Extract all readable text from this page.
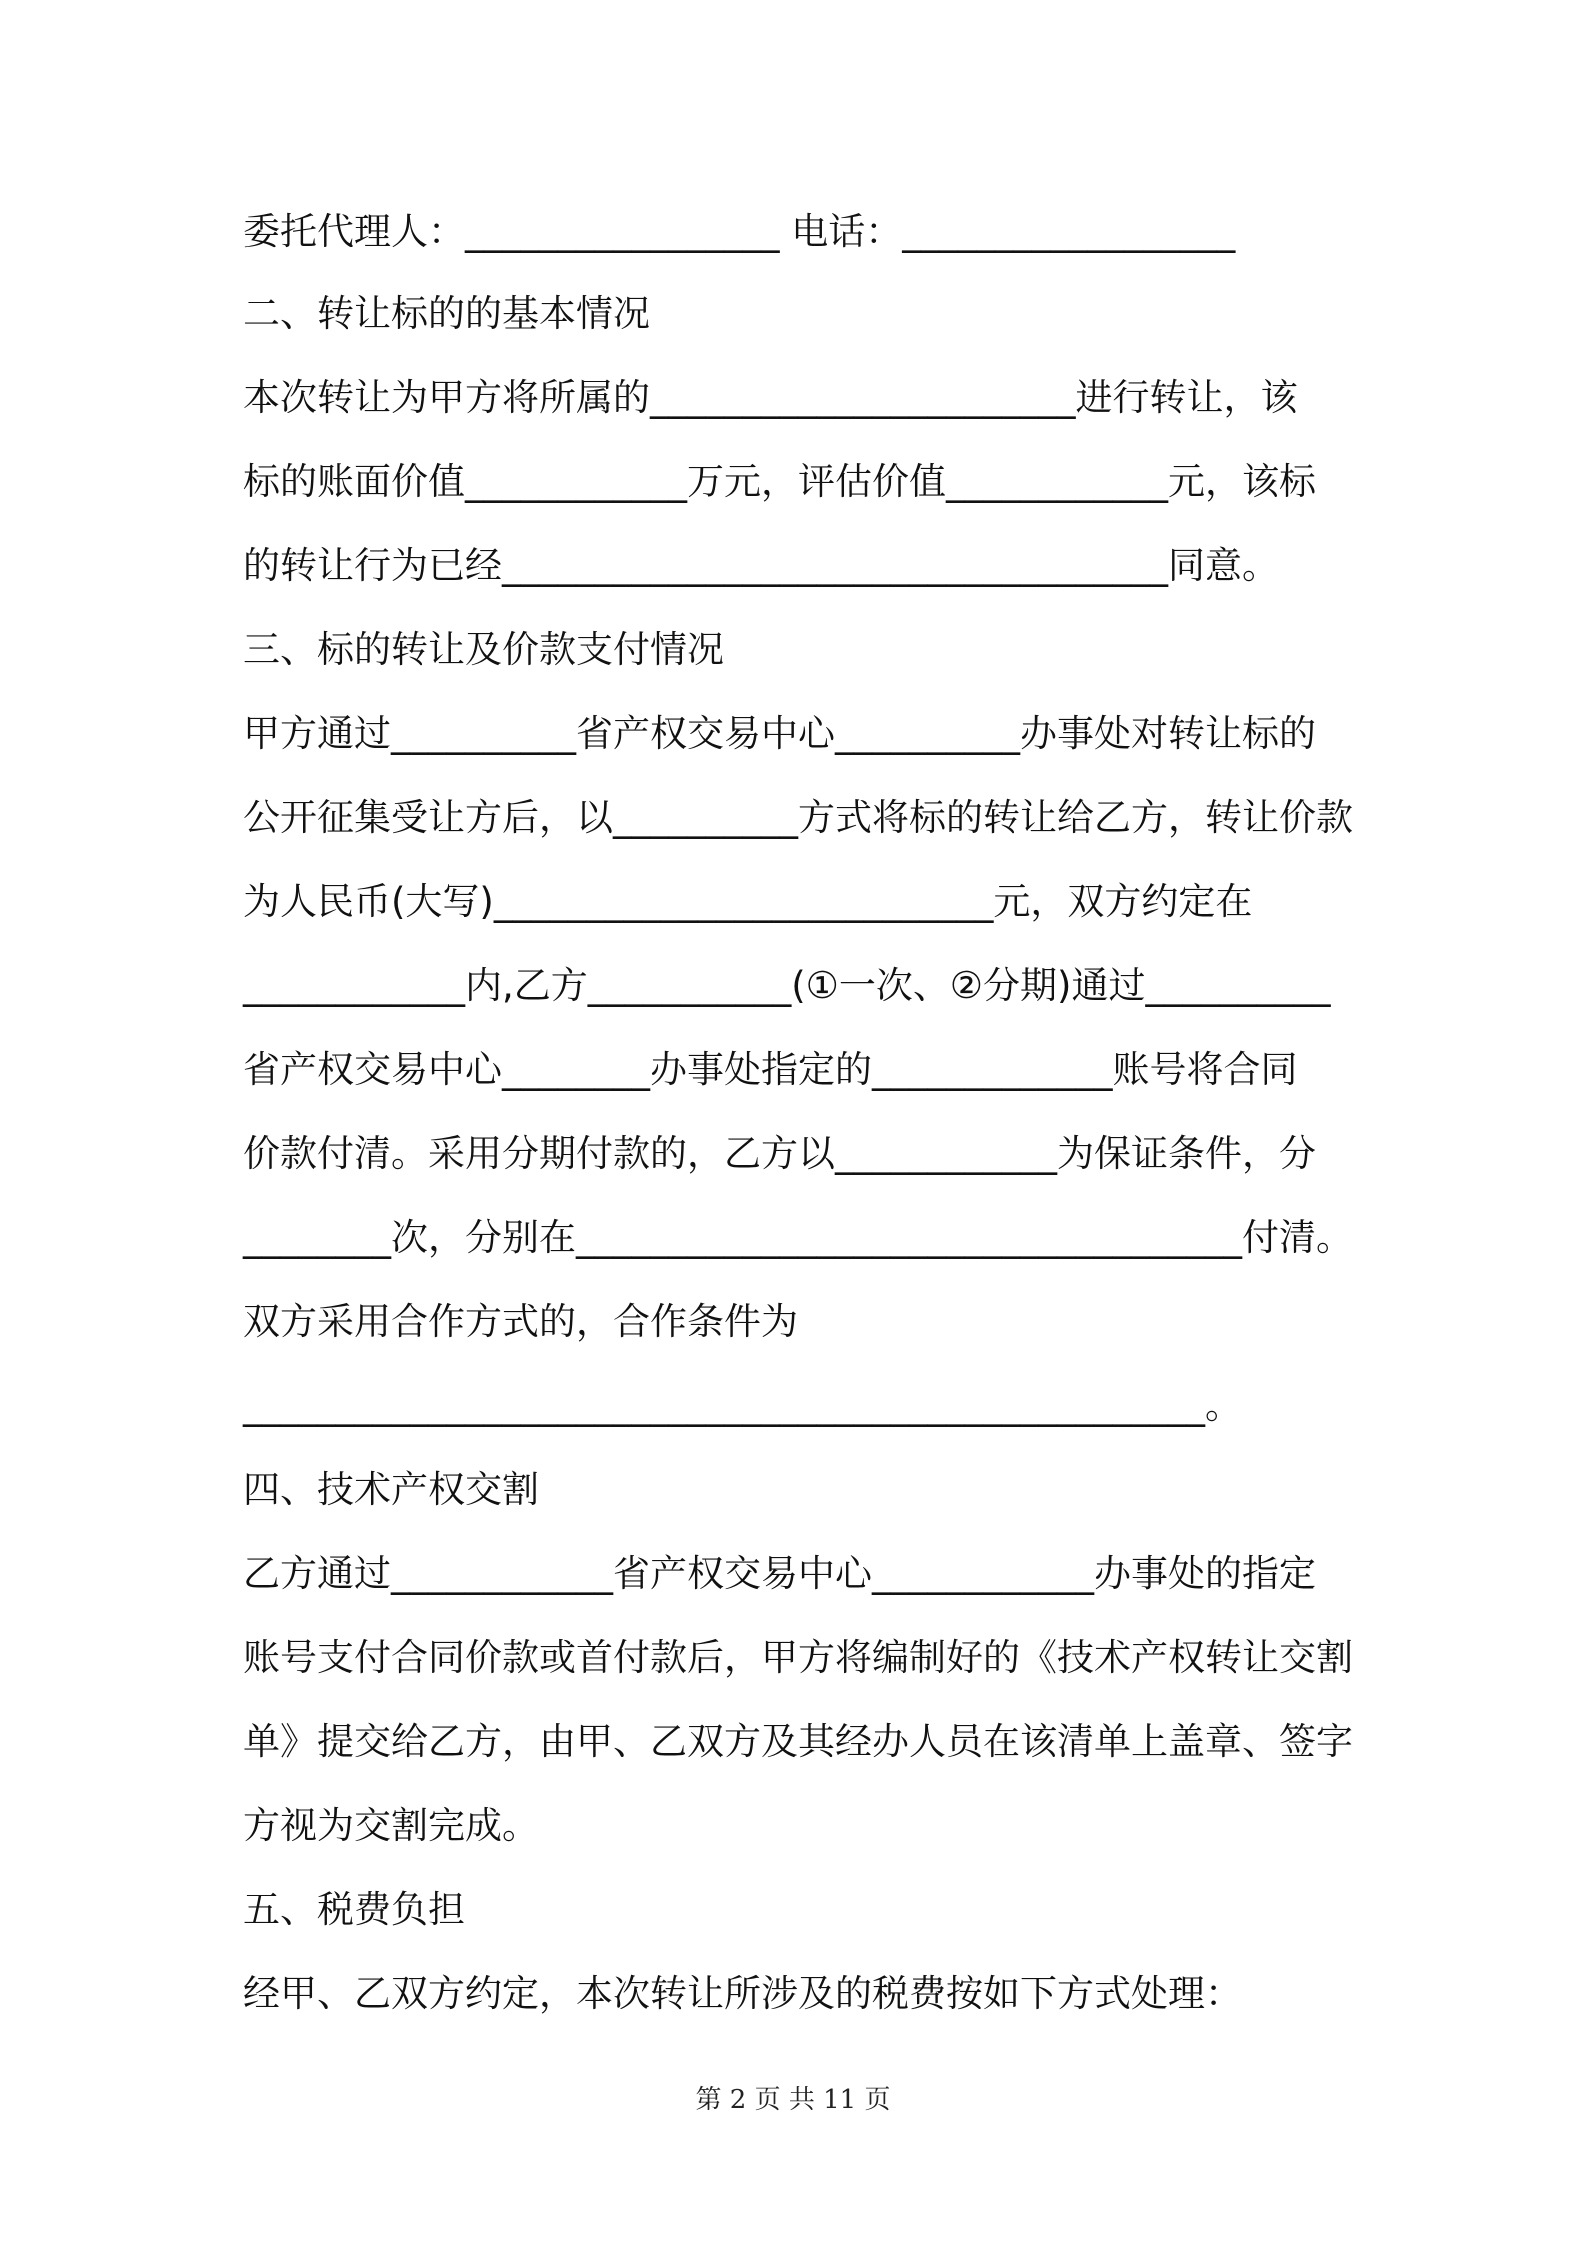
委托代理人：_________________ 电话：__________________
二、转让标的的基本情况
本次转让为甲方将所属的_______________________进行转让，该
标的账面价值____________万元，评估价值____________元，该标
的转让行为已经____________________________________同意。
三、标的转让及价款支付情况
甲方通过__________省产权交易中心__________办事处对转让标的
公开征集受让方后，以__________方式将标的转让给乙方，转让价款
为人民币(大写)___________________________元，双方约定在
____________内,乙方___________(①一次、②分期)通过__________
省产权交易中心________办事处指定的_____________账号将合同
价款付清。采用分期付款的，乙方以____________为保证条件，分
________次，分别在____________________________________付清。
双方采用合作方式的，合作条件为
____________________________________________________。
四、技术产权交割
乙方通过____________省产权交易中心____________办事处的指定
账号支付合同价款或首付款后，甲方将编制好的《技术产权转让交割
单》提交给乙方，由甲、乙双方及其经办人员在该清单上盖章、签字
方视为交割完成。
五、税费负担
经甲、乙双方约定，本次转让所涉及的税费按如下方式处理：
第 2 页 共 11 页
